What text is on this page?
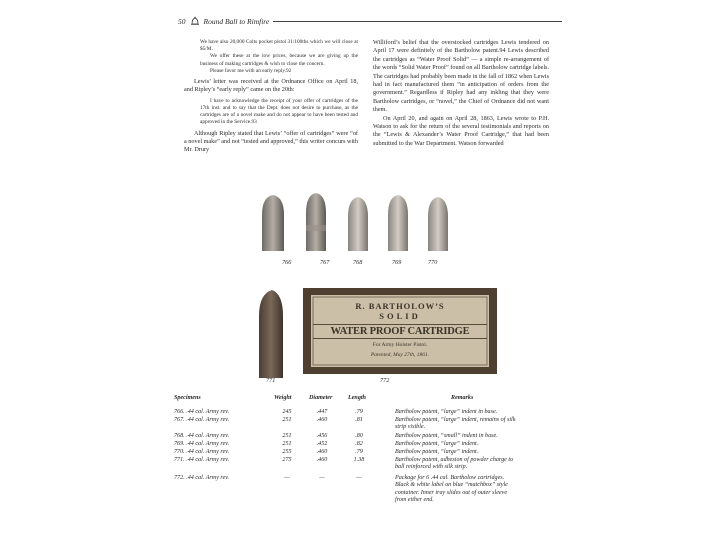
50 Round Ball to Rimfire

We have also 20,000 Colts pocket pistol 31/100ths which we will close at $5/M.

We offer these at the low prices, because we are giving up the business of making cartridges & wish to close the concern.

Please favor me with an early reply.92

Lewis’ letter was received at the Ordnance Office on April 18, and Ripley’s “early reply” came on the 20th:

I have to acknowledge the receipt of your offer of cartridges of the 17th inst. and to say that the Dept. does not desire to purchase, as the cartridges are of a novel make and do not appear to have been tested and approved in the Service.93

Although Ripley stated that Lewis’ “offer of cartridges” were “of a novel make” and not “tested and approved,” this writer concurs with Mr. Drury

Williford’s belief that the overstocked cartridges Lewis tendered on April 17 were definitely of the Bartholow patent.94 Lewis described the cartridges as “Water Proof Solid” — a simple re-arrangement of the words “Solid Water Proof” found on all Bartholow cartridge labels. The cartridges had probably been made in the fall of 1862 when Lewis had in fact manufactured them “in anticipation of orders from the government.” Regardless if Ripley had any inkling that they were Bartholow cartridges, or “novel,” the Chief of Ordnance did not want them.

On April 20, and again on April 28, 1863, Lewis wrote to P.H. Watson to ask for the return of the several testimonials and reports on the “Lewis & Alexander’s Water Proof Cartridge,” that had been submitted to the War Department. Watson forwarded

766	767	768	769	770
R. BARTHOLOW’S
SOLID
WATER PROOF CARTRIDGE
For Army Holster Pistol.
Patented, May 27th, 1861.
771	772
Specimens	Weight	Diameter	Length	Remarks
766. .44 cal. Army rev.	245	.447	.79	Bartholow patent, “large” indent in base.
767. .44 cal. Army rev.	251	.460	.81	Bartholow patent, “large” indent, remains of silk
strip visible.
768. .44 cal. Army rev.	251	.456	.80	Bartholow patent, “small” indent in base.
769. .44 cal. Army rev.	251	.452	.82	Bartholow patent, “large” indent.
770. .44 cal. Army rev.	255	.460	.79	Bartholow patent, “large” indent.
771. .44 cal. Army rev.	275	.460	1.38	Bartholow patent, adhesion of powder charge to
ball reinforced with silk strip.
772. .44 cal. Army rev.	—	—	—	Package for 6 .44 cal. Bartholow cartridges.
Black & white label on blue “matchbox” style
container. Inner tray slides out of outer sleeve
from either end.
